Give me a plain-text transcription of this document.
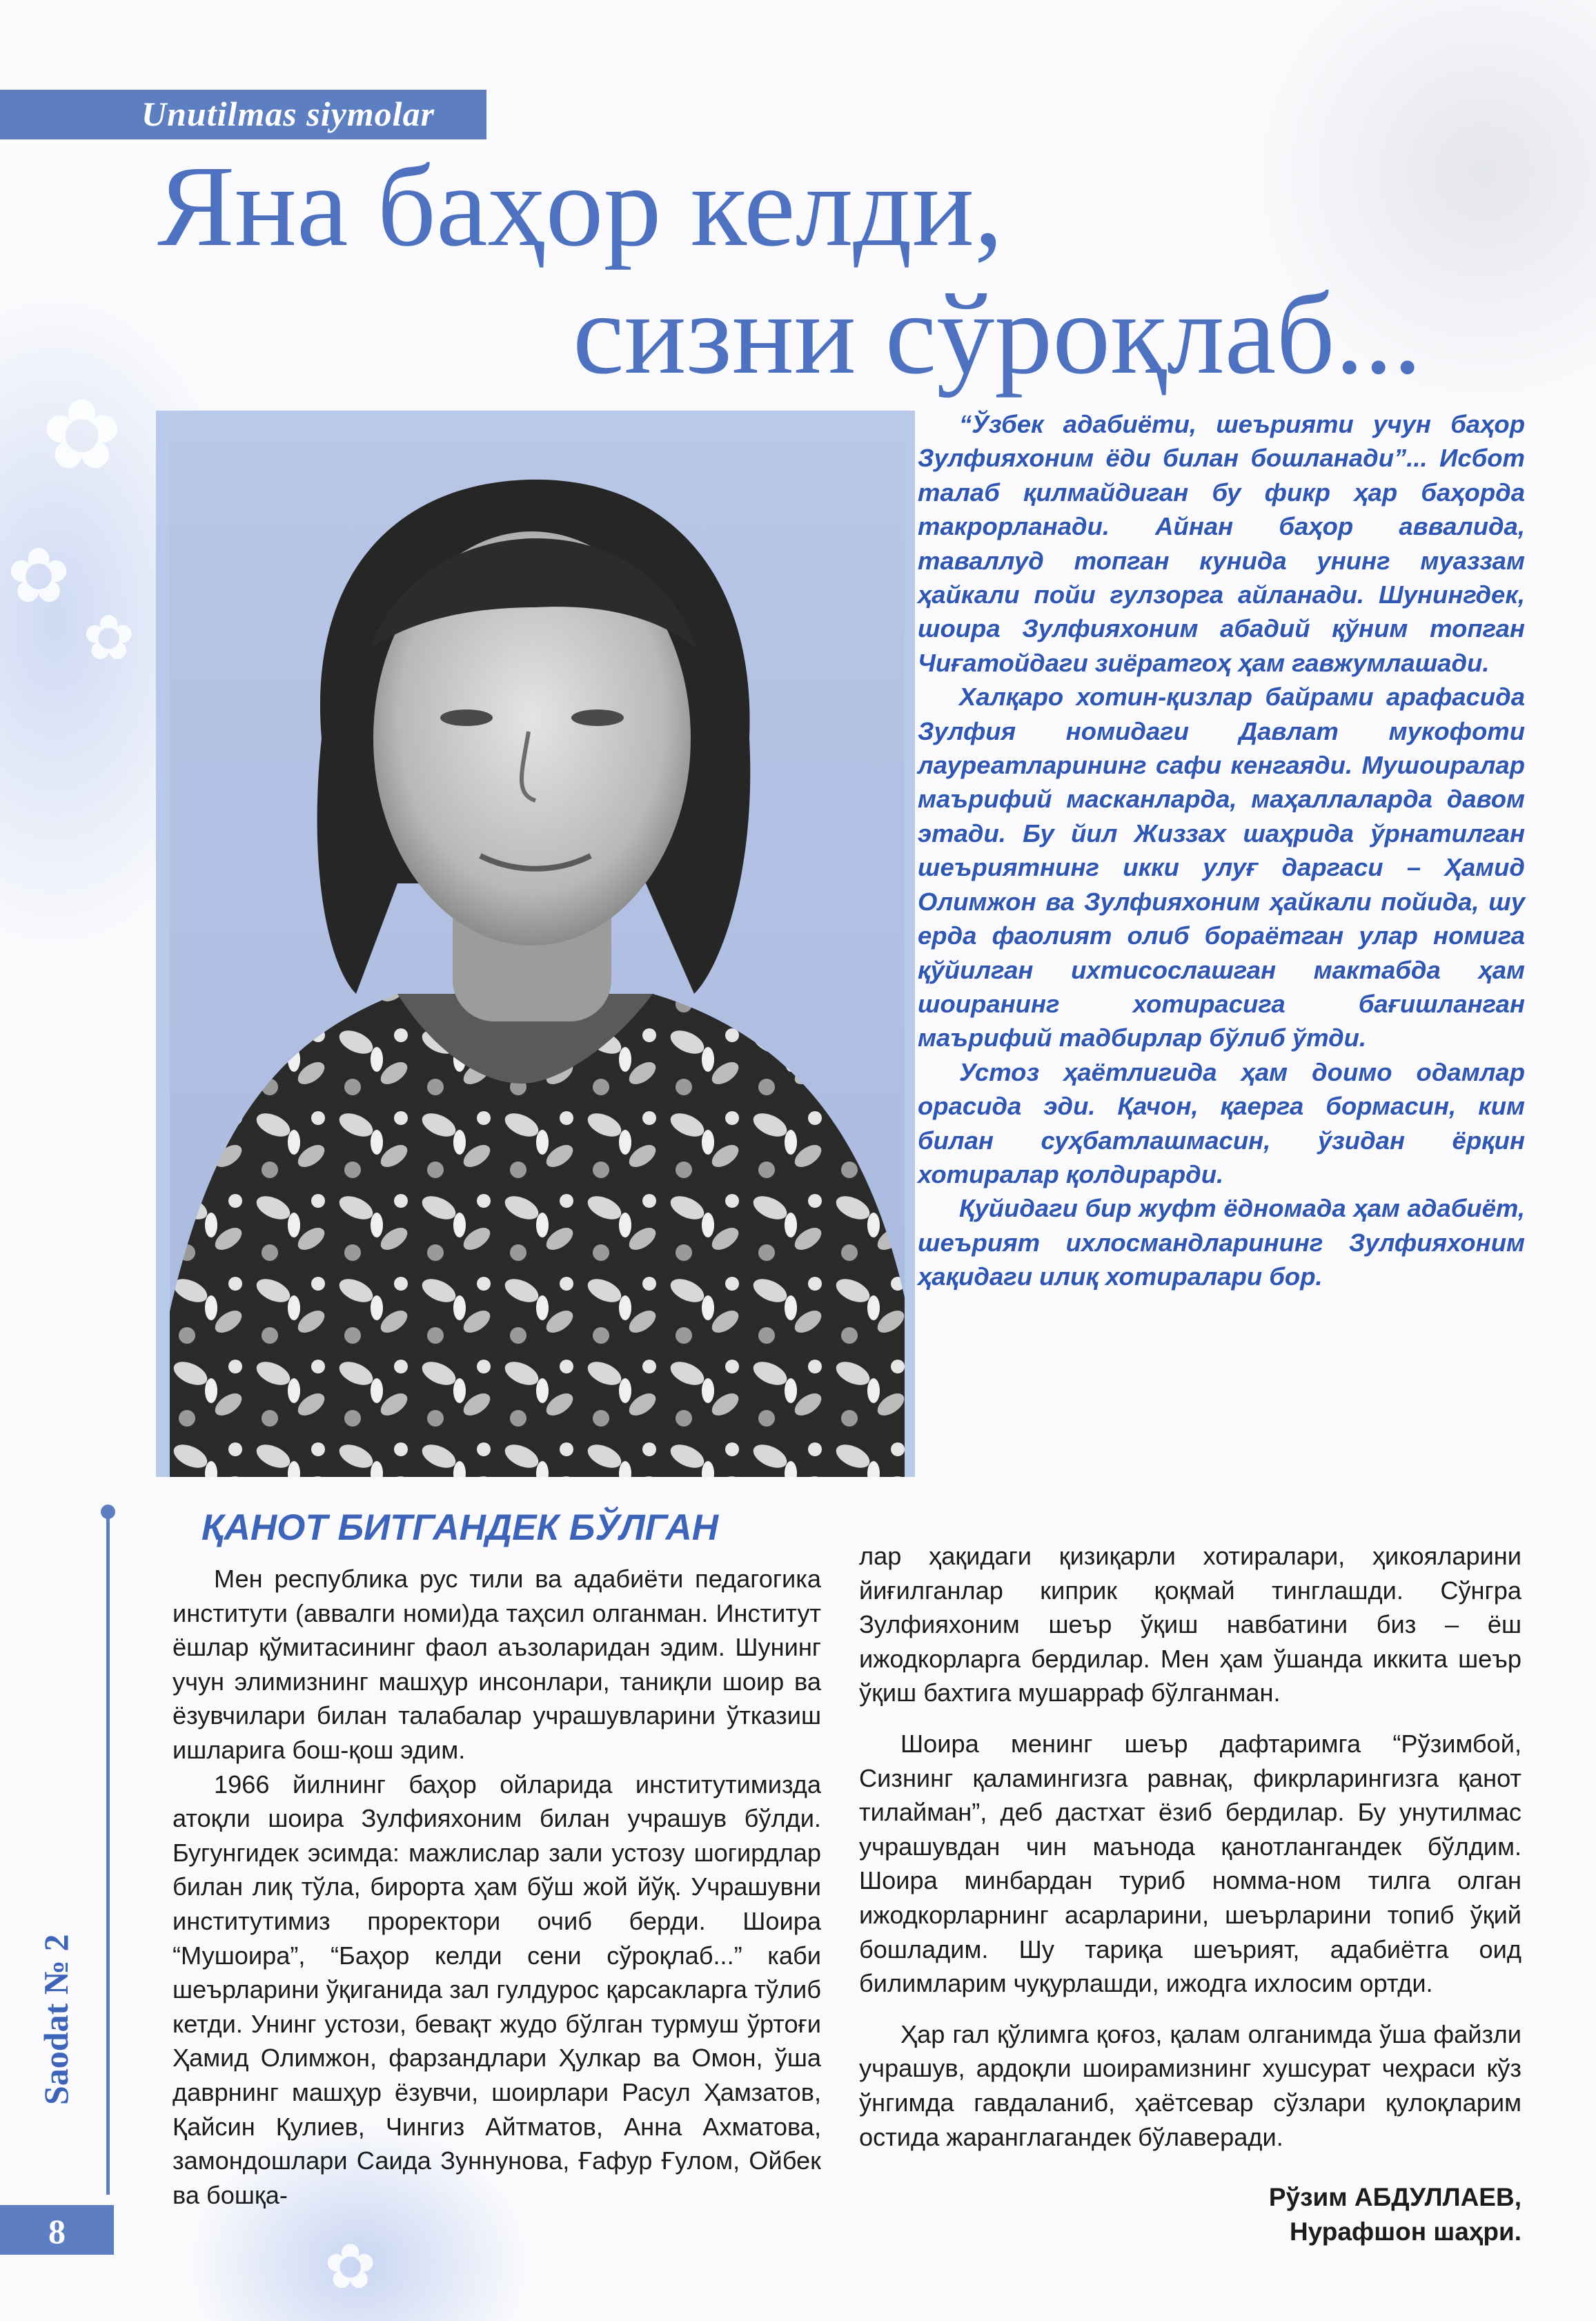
✿
✿
✿
✿
Unutilmas siymolar
Яна баҳор келди,
сизни сўроқлаб...

“Ўзбек адабиёти, шеърияти учун баҳор Зулфияхоним ёди билан бошланади”... Исбот талаб қилмайдиган бу фикр ҳар баҳорда такрорланади. Айнан баҳор аввалида, таваллуд топган кунида унинг муаззам ҳайкали пойи гулзорга айланади. Шунингдек, шоира Зулфияхоним абадий қўним топган Чиғатойдаги зиёратгоҳ ҳам гавжумлашади.

Халқаро хотин-қизлар байрами арафасида Зулфия номидаги Давлат мукофоти лауреатларининг сафи кенгаяди. Мушоиралар маърифий масканларда, маҳаллаларда давом этади. Бу йил Жиззах шаҳрида ўрнатилган шеъриятнинг икки улуғ даргаси – Ҳамид Олимжон ва Зулфияхоним ҳайкали пойида, шу ерда фаолият олиб бораётган улар номига қўйилган ихтисослашган мактабда ҳам шоиранинг хотирасига бағишланган маърифий тадбирлар бўлиб ўтди.

Устоз ҳаётлигида ҳам доимо одамлар орасида эди. Қачон, қаерга бормасин, ким билан суҳбатлашмасин, ўзидан ёрқин хотиралар қолдирарди.

Қуйидаги бир жуфт ёдномада ҳам адабиёт, шеърият ихлосмандларининг Зулфияхоним ҳақидаги илиқ хотиралари бор.

ҚАНОТ БИТГАНДЕК БЎЛГАН

Мен республика рус тили ва адабиёти педагогика институти (аввалги номи)да таҳсил олганман. Институт ёшлар қўмитасининг фаол аъзоларидан эдим. Шунинг учун элимизнинг машҳур инсонлари, таниқли шоир ва ёзувчилари билан талабалар учрашувларини ўтказиш ишларига бош-қош эдим.

1966 йилнинг баҳор ойларида институтимизда атоқли шоира Зулфияхоним билан учрашув бўлди. Бугунгидек эсимда: мажлислар зали устозу шогирдлар билан лиқ тўла, бирорта ҳам бўш жой йўқ. Учрашувни институтимиз проректори очиб берди. Шоира “Мушоира”, “Баҳор келди сени сўроқлаб...” каби шеърларини ўқиганида зал гулдурос қарсакларга тўлиб кетди. Унинг устози, бевақт жудо бўлган турмуш ўртоғи Ҳамид Олимжон, фарзандлари Ҳулкар ва Омон, ўша даврнинг машҳур ёзувчи, шоирлари Расул Ҳамзатов, Қайсин Қулиев, Чингиз Айтматов, Анна Ахматова, замондошлари Саида Зуннунова, Ғафур Ғулом, Ойбек ва бошқа-

лар ҳақидаги қизиқарли хотиралари, ҳикояларини йиғилганлар киприк қоқмай тинглашди. Сўнгра Зулфияхоним шеър ўқиш навбатини биз – ёш ижодкорларга бердилар. Мен ҳам ўшанда иккита шеър ўқиш бахтига мушарраф бўлганман.

Шоира менинг шеър дафтаримга “Рўзимбой, Сизнинг қаламингизга равнақ, фикрларингизга қанот тилайман”, деб дастхат ёзиб бердилар. Бу унутилмас учрашувдан чин маънода қанотлангандек бўлдим. Шоира минбардан туриб номма-ном тилга олган ижодкорларнинг асарларини, шеърларини топиб ўқий бошладим. Шу тариқа шеърият, адабиётга оид билимларим чуқурлашди, ижодга ихлосим ортди.

Ҳар гал қўлимга қоғоз, қалам олганимда ўша файзли учрашув, ардоқли шоирамизнинг хушсурат чеҳраси кўз ўнгимда гавдаланиб, ҳаётсевар сўзлари қулоқларим остида жаранглагандек бўлаверади.

Рўзим АБДУЛЛАЕВ,
Нурафшон шаҳри.
Saodat № 2
8
